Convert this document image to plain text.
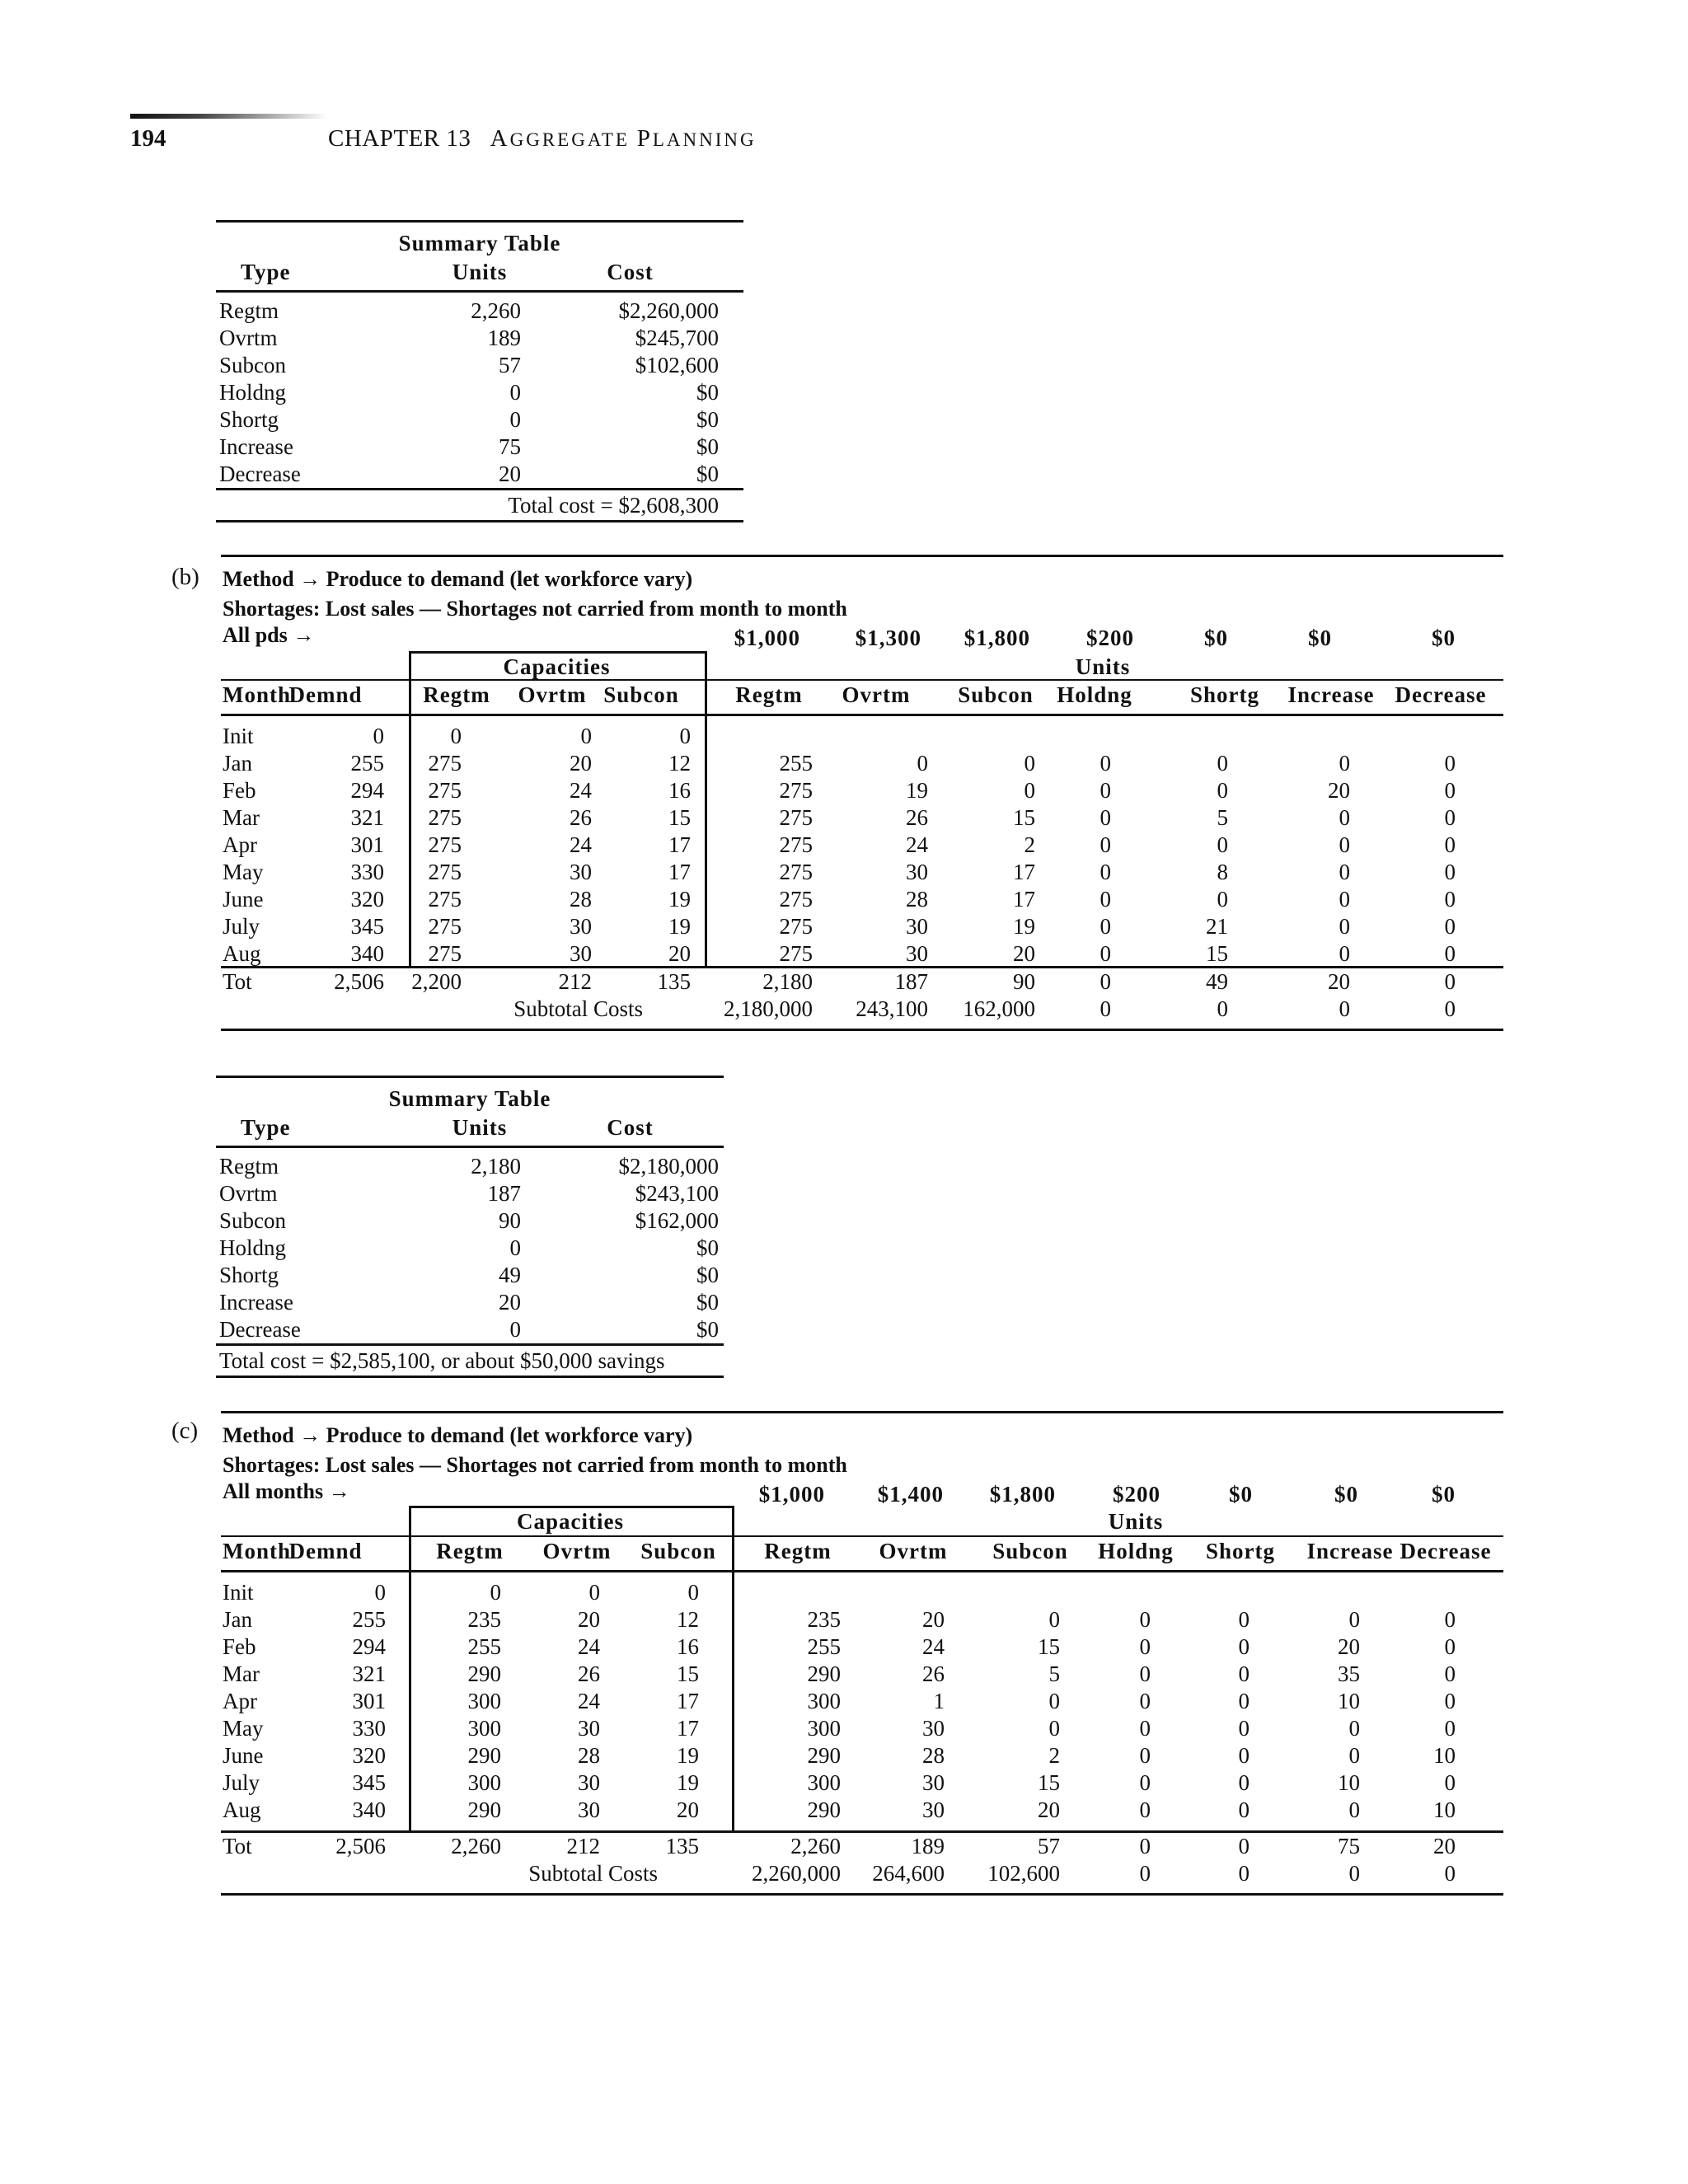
194	CHAPTER 13 AGGREGATE PLANNING
Summary Table
Type	Units	Cost
Regtm	2,260	$2,260,000
Ovrtm	189	$245,700
Subcon	57	$102,600
Holdng	0	$0
Shortg	0	$0
Increase	75	$0
Decrease	20	$0
Total cost = $2,608,300
(b) Method → Produce to demand (let workforce vary)
Shortages: Lost sales — Shortages not carried from month to month
All pds →	$1,000	$1,300	$1,800	$200	$0	$0	$0
Capacities	Units
Month
Demnd	Regtm	Ovrtm Subcon	Regtm	Ovrtm	Subcon	Holdng	Shortg	Increase Decrease
Init	0	0	0	0
Jan	255	275	20	12	255	0	0	0	0	0	0
Feb	294	275	24	16	275	19	0	0	0	20	0
Mar	321	275	26	15	275	26	15	0	5	0	0
Apr	301	275	24	17	275	24	2	0	0	0	0
May	330	275	30	17	275	30	17	0	8	0	0
June	320	275	28	19	275	28	17	0	0	0	0
July	345	275	30	19	275	30	19	0	21	0	0
Aug	340	275	30	20	275	30	20	0	15	0	0
Tot	2,506	2,200	212	135	2,180	187	90	0	49	20	0
Subtotal Costs	2,180,000	243,100	162,000	0	0	0	0
Summary Table
Type	Units	Cost
Regtm	2,180	$2,180,000
Ovrtm	187	$243,100
Subcon	90	$162,000
Holdng	0	$0
Shortg	49	$0
Increase	20	$0
Decrease	0	$0
Total cost = $2,585,100, or about $50,000 savings
(c) Method → Produce to demand (let workforce vary)
Shortages: Lost sales — Shortages not carried from month to month
All months →	$1,000	$1,400	$1,800	$200	$0	$0	$0
Capacities	Units
Month
Demnd	Regtm	Ovrtm	Subcon	Regtm	Ovrtm	Subcon	Holdng	Shortg	Increase Decrease
Init	0	0	0	0
Jan	255	235	20	12	235	20	0	0	0	0	0
Feb	294	255	24	16	255	24	15	0	0	20	0
Mar	321	290	26	15	290	26	5	0	0	35	0
Apr	301	300	24	17	300	1	0	0	0	10	0
May	330	300	30	17	300	30	0	0	0	0	0
June	320	290	28	19	290	28	2	0	0	0	10
July	345	300	30	19	300	30	15	0	0	10	0
Aug	340	290	30	20	290	30	20	0	0	0	10
Tot	2,506	2,260	212	135	2,260	189	57	0	0	75	20
Subtotal Costs	2,260,000	264,600	102,600	0	0	0	0
